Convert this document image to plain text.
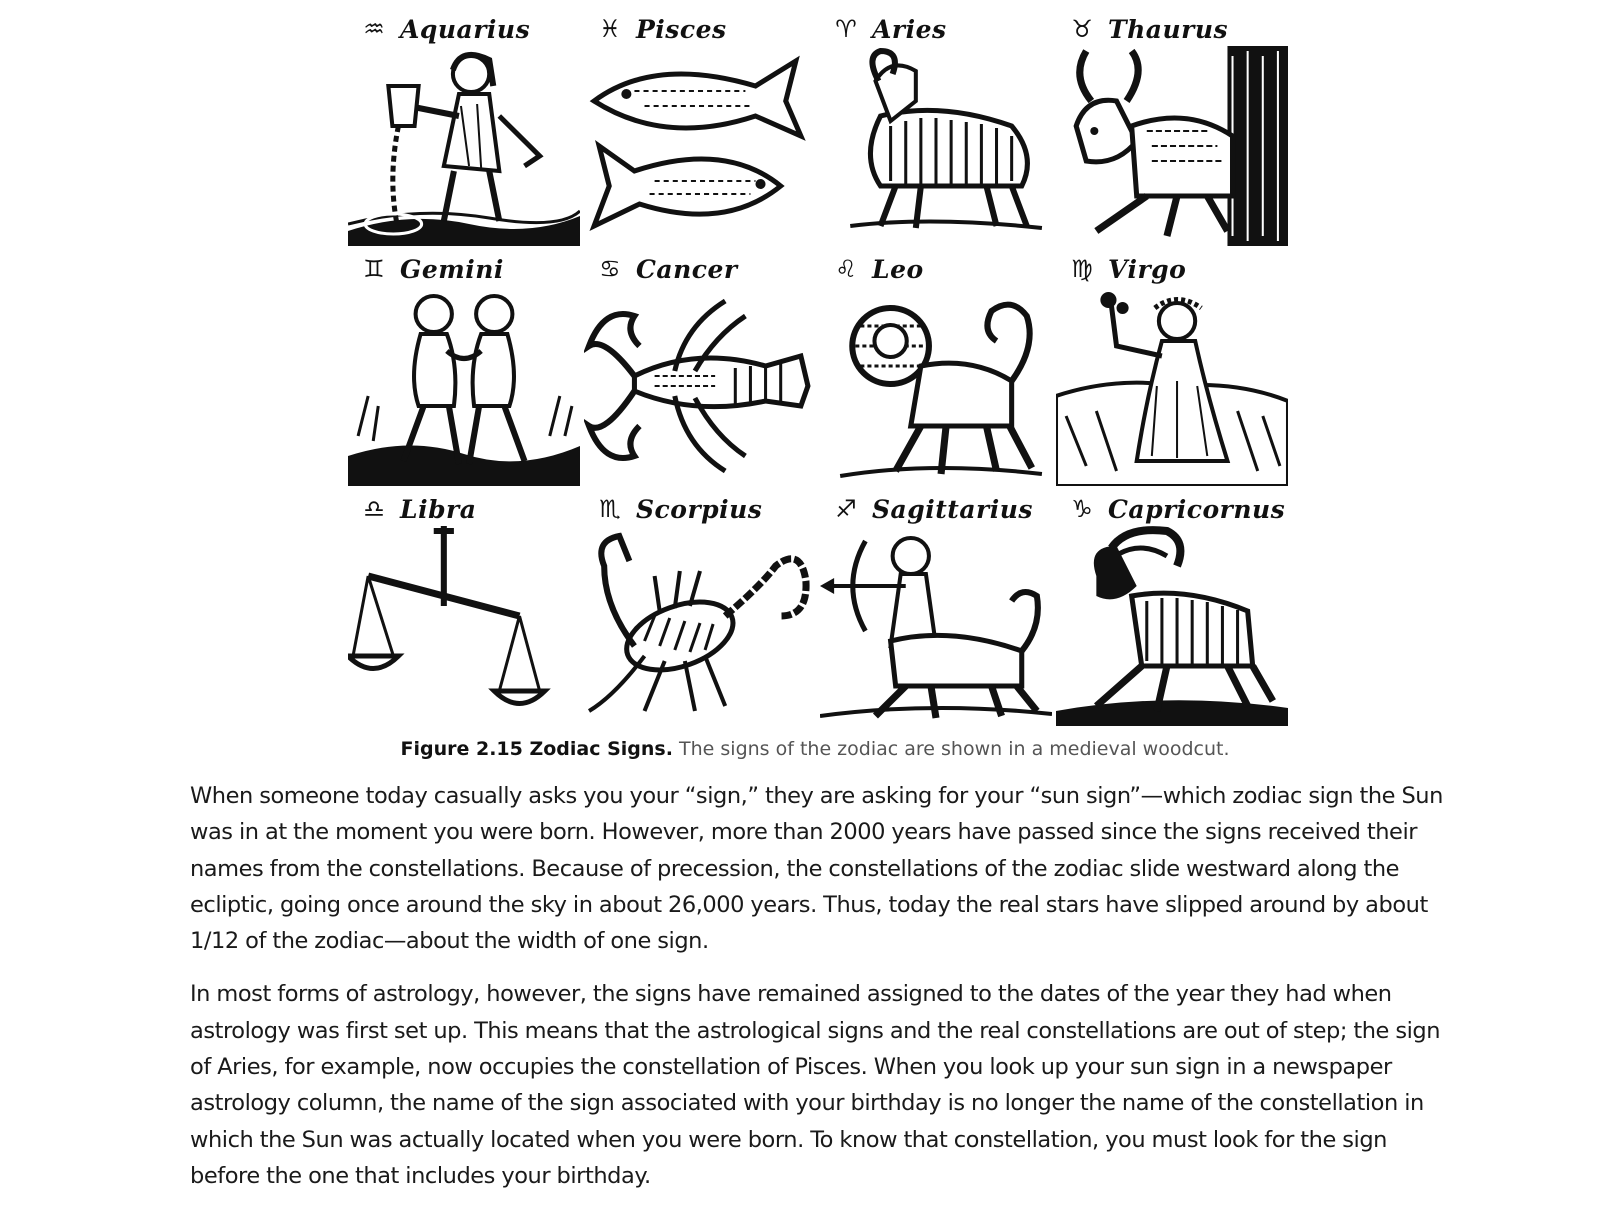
♒ Aquarius	♓ Pisces	♈ Aries	♉ Thaurus
♊ Gemini	♋ Cancer	♌ Leo	♍ Virgo
♎ Libra	♏ Scorpius	♐ Sagittarius	♑ Capricornus
Figure 2.15 Zodiac Signs. The signs of the zodiac are shown in a medieval woodcut.

When someone today casually asks you your “sign,” they are asking for your “sun sign”—which zodiac sign the Sun was in at the moment you were born. However, more than 2000 years have passed since the signs received their names from the constellations. Because of precession, the constellations of the zodiac slide westward along the ecliptic, going once around the sky in about 26,000 years. Thus, today the real stars have slipped around by about 1/12 of the zodiac—about the width of one sign.

In most forms of astrology, however, the signs have remained assigned to the dates of the year they had when astrology was first set up. This means that the astrological signs and the real constellations are out of step; the sign of Aries, for example, now occupies the constellation of Pisces. When you look up your sun sign in a newspaper astrology column, the name of the sign associated with your birthday is no longer the name of the constellation in which the Sun was actually located when you were born. To know that constellation, you must look for the sign before the one that includes your birthday.
